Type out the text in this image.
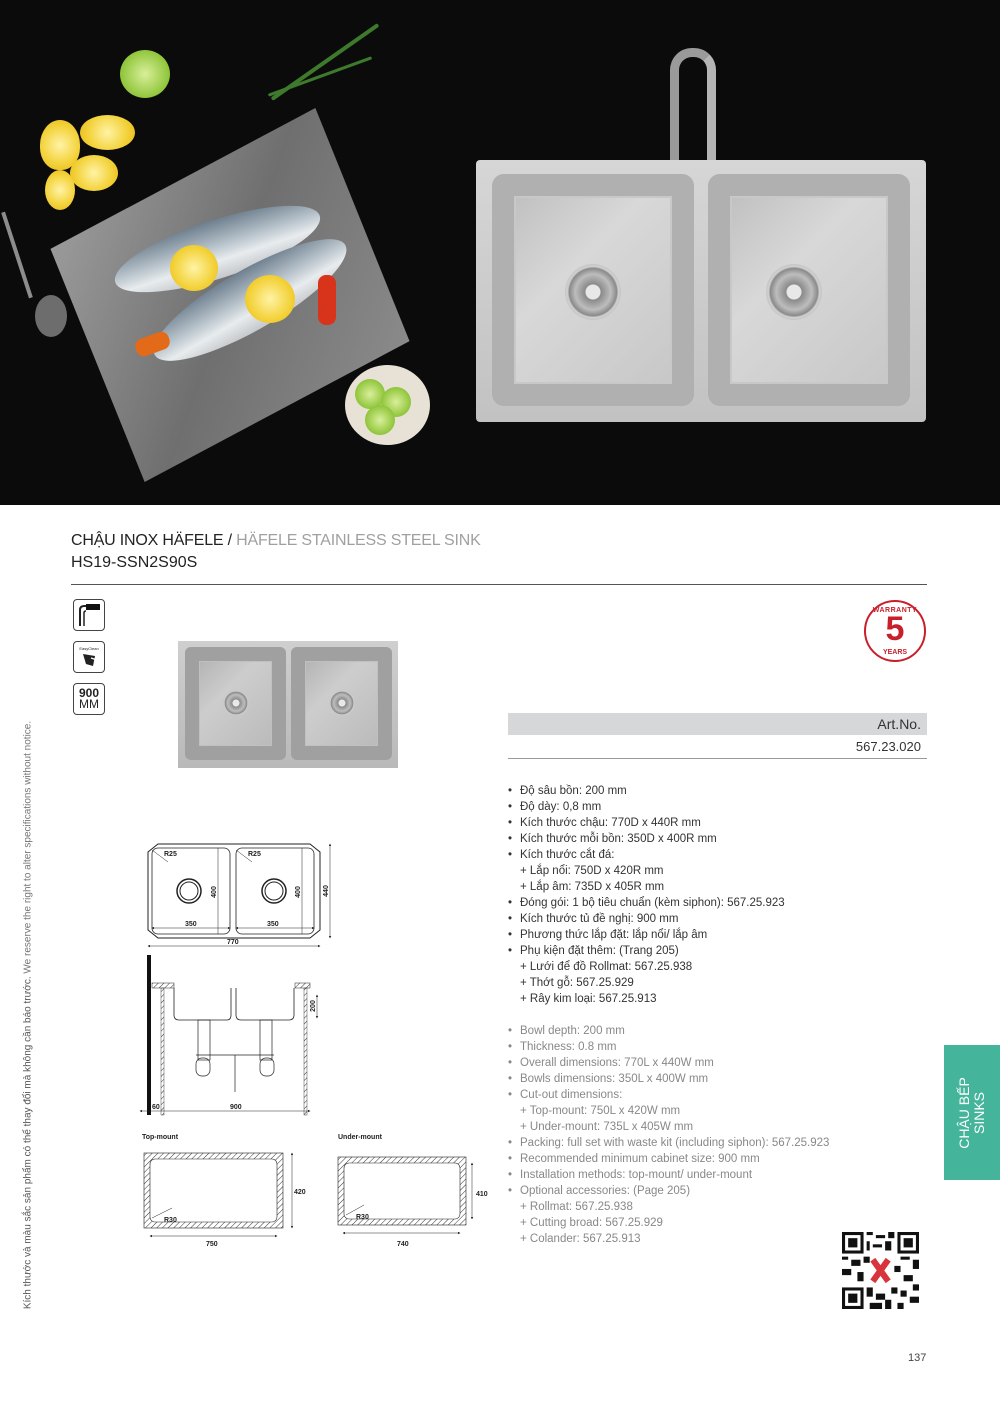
CHẬU INOX HÄFELE / HÄFELE STAINLESS STEEL SINK
HS19-SSN2S90S
EasyClean
900
MM
WARRANTY
5
YEARS
Art.No.
567.23.020
• Độ sâu bồn: 200 mm
• Độ dày: 0,8 mm
• Kích thước chậu: 770D x 440R mm
• Kích thước mỗi bồn: 350D x 400R mm
• Kích thước cắt đá:
+ Lắp nổi: 750D x 420R mm
+ Lắp âm: 735D x 405R mm
• Đóng gói: 1 bộ tiêu chuẩn (kèm siphon): 567.25.923
• Kích thước tủ đề nghị: 900 mm
• Phương thức lắp đặt: lắp nổi/ lắp âm
• Phụ kiện đặt thêm: (Trang 205)
+ Lưới để đồ Rollmat: 567.25.938
+ Thớt gỗ: 567.25.929
+ Rây kim loại: 567.25.913
• Bowl depth: 200 mm
• Thickness: 0.8 mm
• Overall dimensions: 770L x 440W mm
• Bowls dimensions: 350L x 400W mm
• Cut-out dimensions:
+ Top-mount: 750L x 420W mm
+ Under-mount: 735L x 405W mm
• Packing: full set with waste kit (including siphon): 567.25.923
• Recommended minimum cabinet size: 900 mm
• Installation methods: top-mount/ under-mount
• Optional accessories: (Page 205)
+ Rollmat: 567.25.938
+ Cutting broad: 567.25.929
+ Colander: 567.25.913
R25	R25
350	350
400	400	440
770
200
60	900
Top-mount
R30
420
750
Under-mount
R30
410
740
CHẬU BẾP SINKS
Kích thước và màu sắc sản phẩm có thể thay đổi mà không cần báo trước. We reserve the right to alter specifications without notice.
137
